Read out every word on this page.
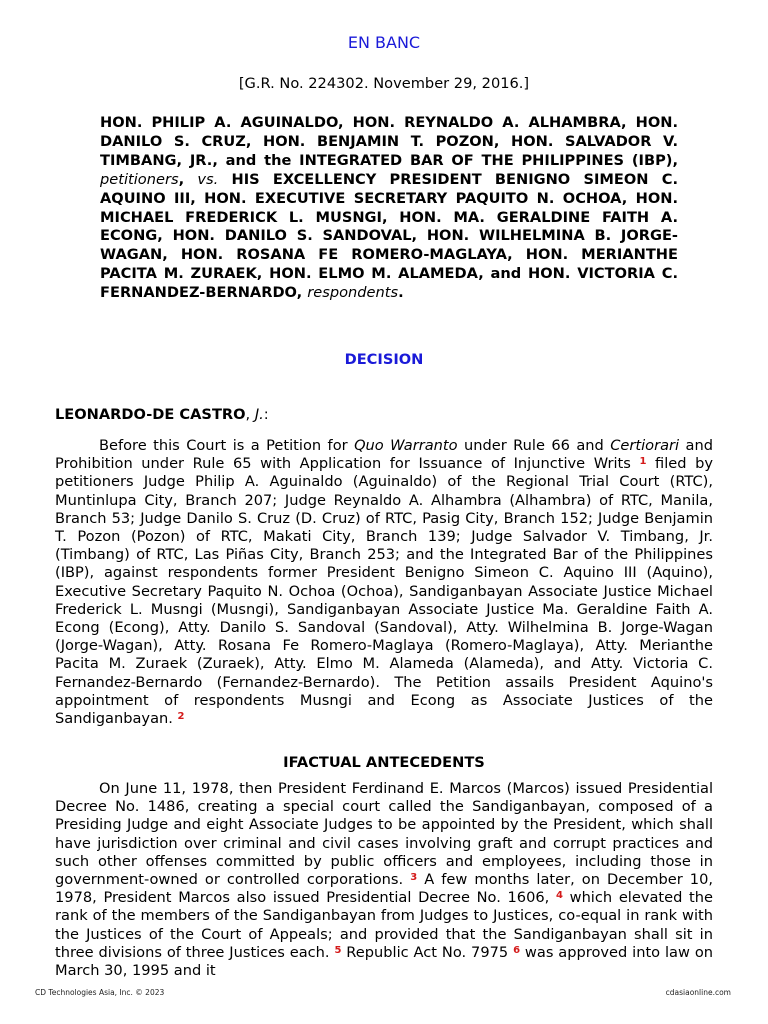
EN BANC
[G.R. No. 224302. November 29, 2016.]
HON. PHILIP A. AGUINALDO, HON. REYNALDO A. ALHAMBRA, HON. DANILO S. CRUZ, HON. BENJAMIN T. POZON, HON. SALVADOR V. TIMBANG, JR., and the INTEGRATED BAR OF THE PHILIPPINES (IBP), petitioners, vs. HIS EXCELLENCY PRESIDENT BENIGNO SIMEON C. AQUINO III, HON. EXECUTIVE SECRETARY PAQUITO N. OCHOA, HON. MICHAEL FREDERICK L. MUSNGI, HON. MA. GERALDINE FAITH A. ECONG, HON. DANILO S. SANDOVAL, HON. WILHELMINA B. JORGE-WAGAN, HON. ROSANA FE ROMERO-MAGLAYA, HON. MERIANTHE PACITA M. ZURAEK, HON. ELMO M. ALAMEDA, and HON. VICTORIA C. FERNANDEZ-BERNARDO, respondents.
DECISION
LEONARDO-DE CASTRO, J.:
Before this Court is a Petition for Quo Warranto under Rule 66 and Certiorari and Prohibition under Rule 65 with Application for Issuance of Injunctive Writs $^1$ filed by petitioners Judge Philip A. Aguinaldo (Aguinaldo) of the Regional Trial Court (RTC), Muntinlupa City, Branch 207; Judge Reynaldo A. Alhambra (Alhambra) of RTC, Manila, Branch 53; Judge Danilo S. Cruz (D. Cruz) of RTC, Pasig City, Branch 152; Judge Benjamin T. Pozon (Pozon) of RTC, Makati City, Branch 139; Judge Salvador V. Timbang, Jr. (Timbang) of RTC, Las Piñas City, Branch 253; and the Integrated Bar of the Philippines (IBP), against respondents former President Benigno Simeon C. Aquino III (Aquino), Executive Secretary Paquito N. Ochoa (Ochoa), Sandiganbayan Associate Justice Michael Frederick L. Musngi (Musngi), Sandiganbayan Associate Justice Ma. Geraldine Faith A. Econg (Econg), Atty. Danilo S. Sandoval (Sandoval), Atty. Wilhelmina B. Jorge-Wagan (Jorge-Wagan), Atty. Rosana Fe Romero-Maglaya (Romero-Maglaya), Atty. Merianthe Pacita M. Zuraek (Zuraek), Atty. Elmo M. Alameda (Alameda), and Atty. Victoria C. Fernandez-Bernardo (Fernandez-Bernardo). The Petition assails President Aquino's appointment of respondents Musngi and Econg as Associate Justices of the Sandiganbayan. $^2$
IFACTUAL ANTECEDENTS
On June 11, 1978, then President Ferdinand E. Marcos (Marcos) issued Presidential Decree No. 1486, creating a special court called the Sandiganbayan, composed of a Presiding Judge and eight Associate Judges to be appointed by the President, which shall have jurisdiction over criminal and civil cases involving graft and corrupt practices and such other offenses committed by public officers and employees, including those in government-owned or controlled corporations. $^3$ A few months later, on December 10, 1978, President Marcos also issued Presidential Decree No. 1606, $^4$ which elevated the rank of the members of the Sandiganbayan from Judges to Justices, co-equal in rank with the Justices of the Court of Appeals; and provided that the Sandiganbayan shall sit in three divisions of three Justices each. $^5$ Republic Act No. 7975 $^6$ was approved into law on March 30, 1995 and it
CD Technologies Asia, Inc. © 2023	cdasiaonline.com
